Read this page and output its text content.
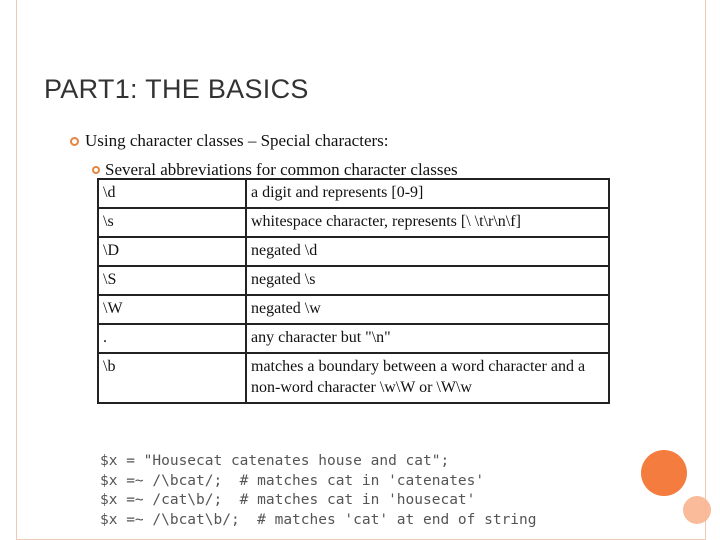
PART1: THE BASICS
Using character classes – Special characters:
Several abbreviations for common character classes
\d	a digit and represents [0-9]
\s	whitespace character, represents [\ \t\r\n\f]
\D	negated \d
\S	negated \s
\W	negated \w
.	any character but "\n"
\b	matches a boundary between a word character and a non-word character \w\W or \W\w
$x = "Housecat catenates house and cat";
$x =~ /\bcat/;  # matches cat in 'catenates'
$x =~ /cat\b/;  # matches cat in 'housecat'
$x =~ /\bcat\b/;  # matches 'cat' at end of string
